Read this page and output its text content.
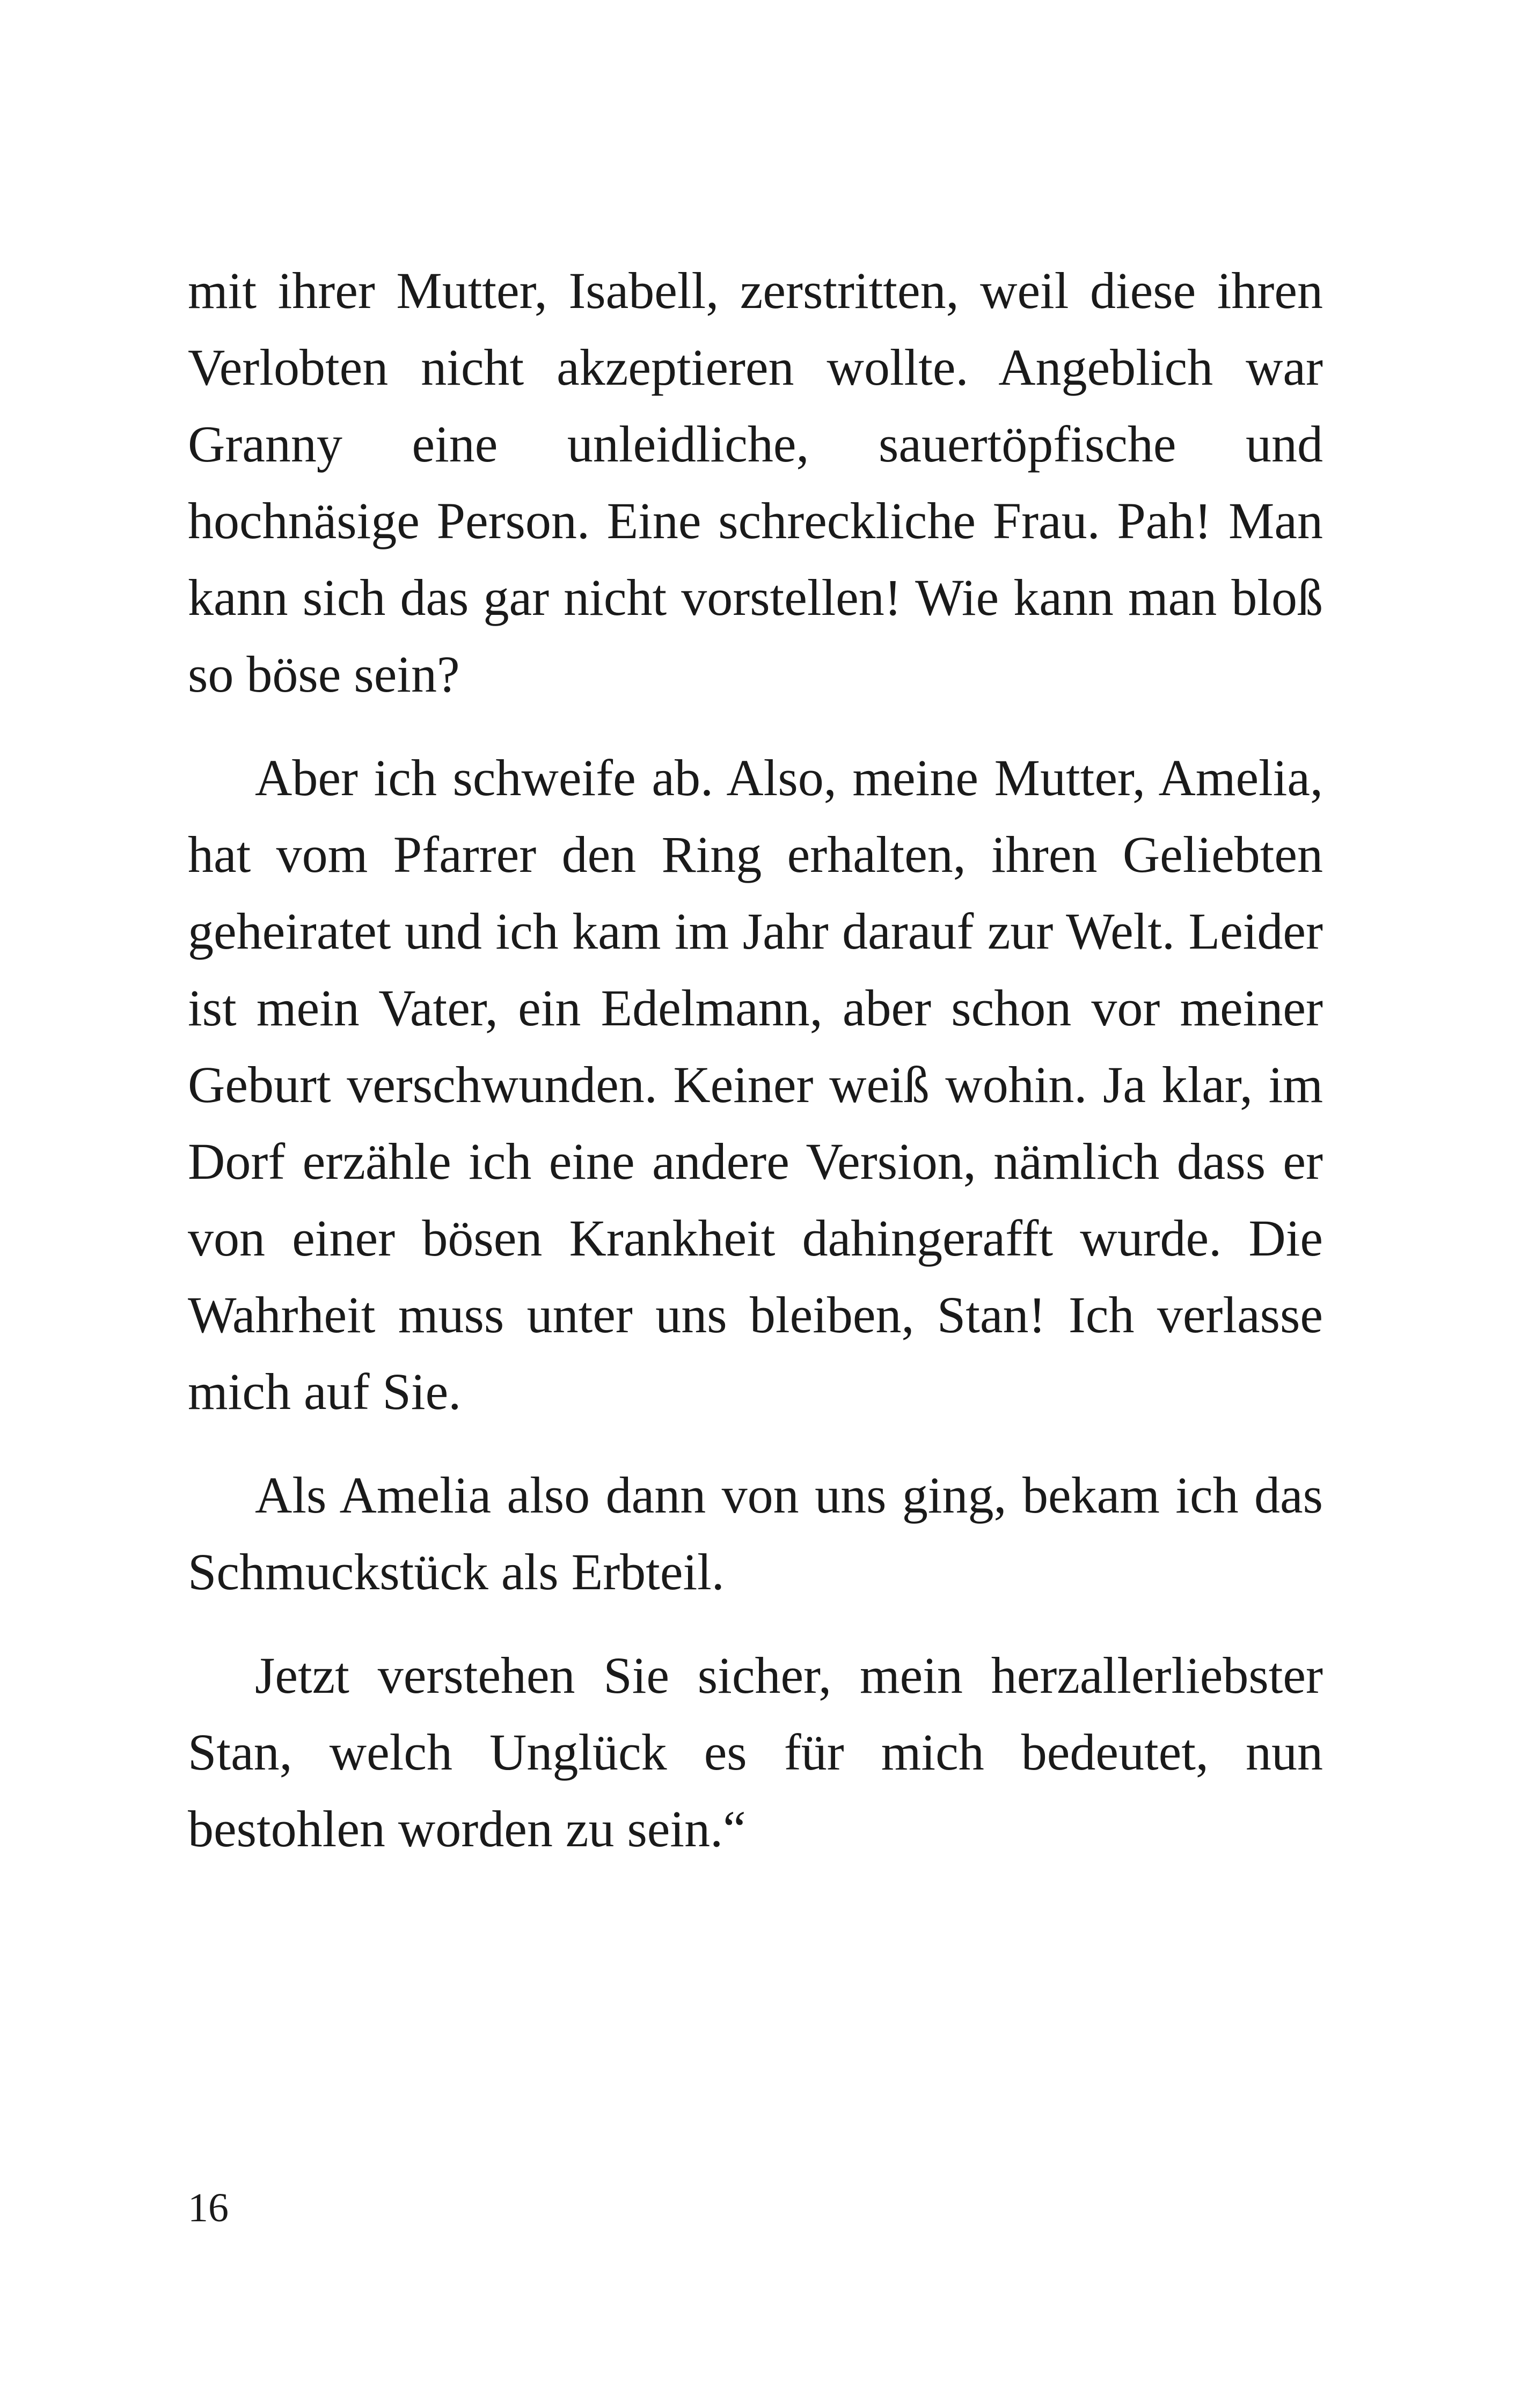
mit ihrer Mutter, Isabell, zerstritten, weil diese ihren Verlobten nicht akzeptieren wollte. Angeblich war Granny eine unleidliche, sauertöpfische und hochnäsige Person. Eine schreckliche Frau. Pah! Man kann sich das gar nicht vorstellen! Wie kann man bloß so böse sein?

Aber ich schweife ab. Also, meine Mutter, Amelia, hat vom Pfarrer den Ring erhalten, ihren Geliebten geheiratet und ich kam im Jahr darauf zur Welt. Leider ist mein Vater, ein Edelmann, aber schon vor meiner Geburt verschwunden. Keiner weiß wohin. Ja klar, im Dorf erzähle ich eine andere Version, nämlich dass er von einer bösen Krankheit dahingerafft wurde. Die Wahrheit muss unter uns bleiben, Stan! Ich verlasse mich auf Sie.

Als Amelia also dann von uns ging, bekam ich das Schmuckstück als Erbteil.

Jetzt verstehen Sie sicher, mein herzallerliebster Stan, welch Unglück es für mich bedeutet, nun bestohlen worden zu sein.“

16
